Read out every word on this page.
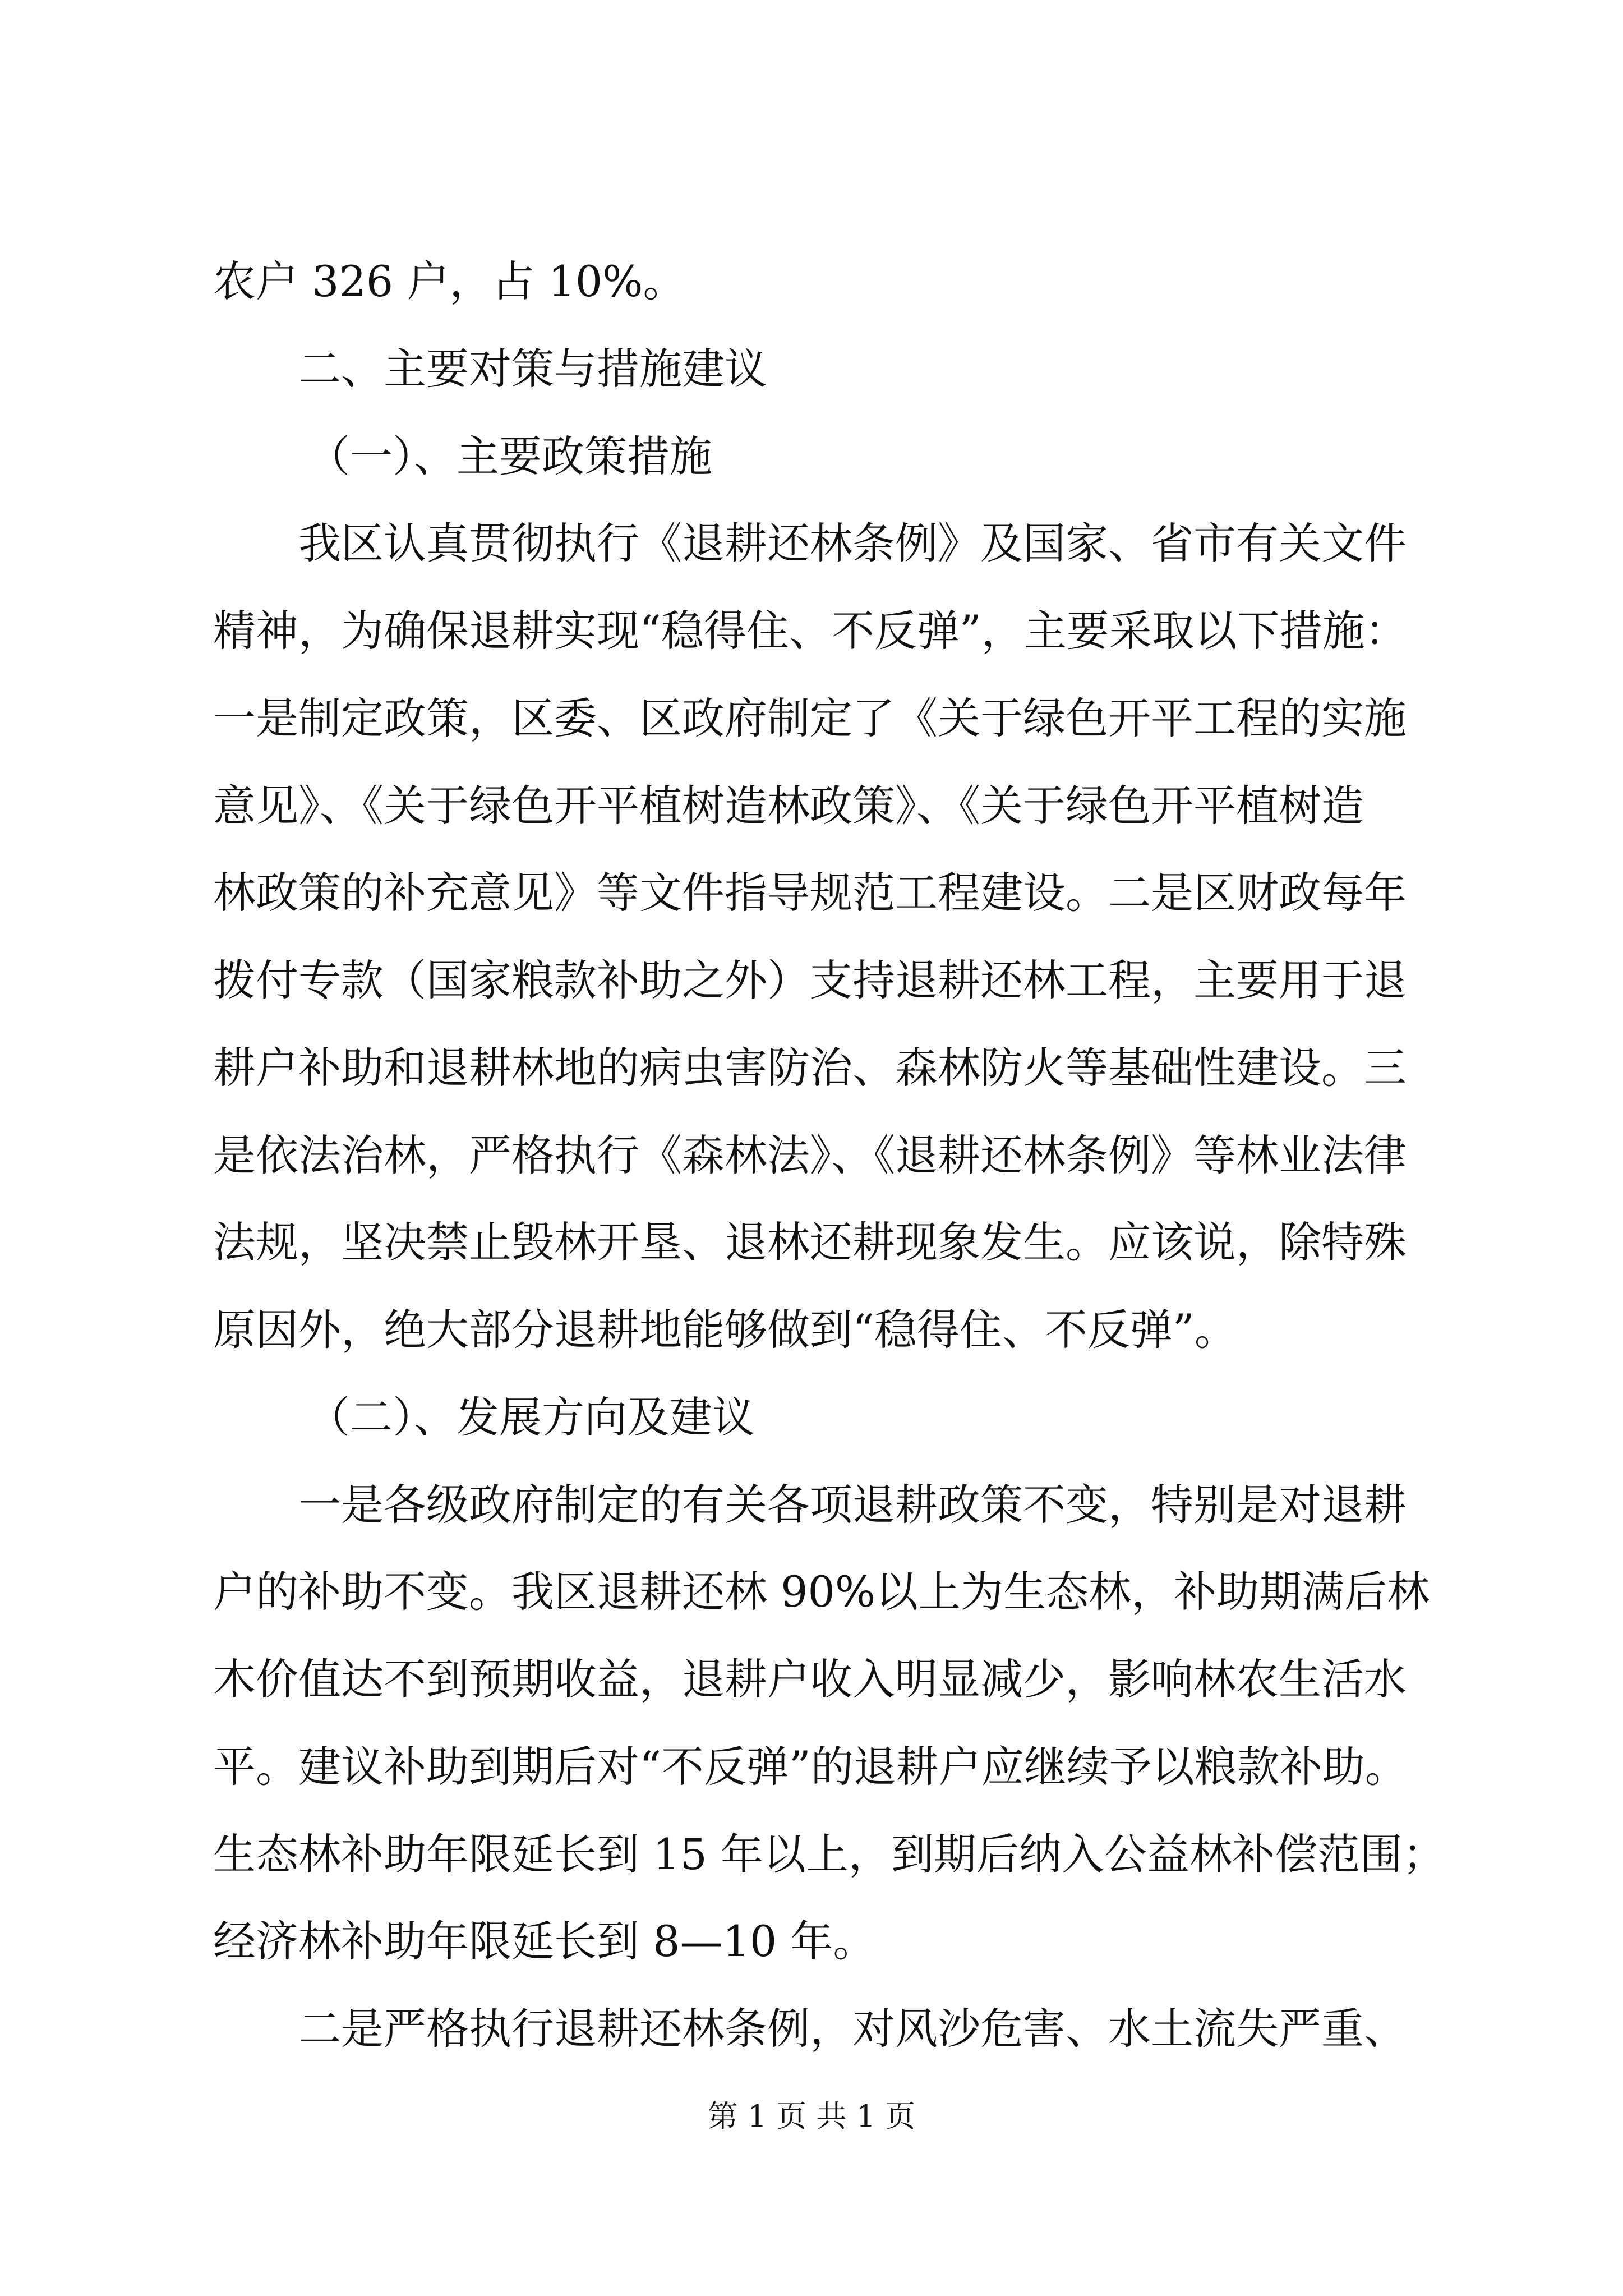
农户 326 户，占 10%。
二、主要对策与措施建议
（一）、主要政策措施
我区认真贯彻执行《退耕还林条例》及国家、省市有关文件
精神，为确保退耕实现“稳得住、不反弹”，主要采取以下措施：
一是制定政策，区委、区政府制定了《关于绿色开平工程的实施
意见》、《关于绿色开平植树造林政策》、《关于绿色开平植树造
林政策的补充意见》等文件指导规范工程建设。二是区财政每年
拨付专款（国家粮款补助之外）支持退耕还林工程，主要用于退
耕户补助和退耕林地的病虫害防治、森林防火等基础性建设。三
是依法治林，严格执行《森林法》、《退耕还林条例》等林业法律
法规，坚决禁止毁林开垦、退林还耕现象发生。应该说，除特殊
原因外，绝大部分退耕地能够做到“稳得住、不反弹”。
（二）、发展方向及建议
一是各级政府制定的有关各项退耕政策不变，特别是对退耕
户的补助不变。我区退耕还林 90%以上为生态林，补助期满后林
木价值达不到预期收益，退耕户收入明显减少，影响林农生活水
平。建议补助到期后对“不反弹”的退耕户应继续予以粮款补助。
生态林补助年限延长到 15 年以上，到期后纳入公益林补偿范围；
经济林补助年限延长到 8—10 年。
二是严格执行退耕还林条例，对风沙危害、水土流失严重、
第 1 页 共 1 页
